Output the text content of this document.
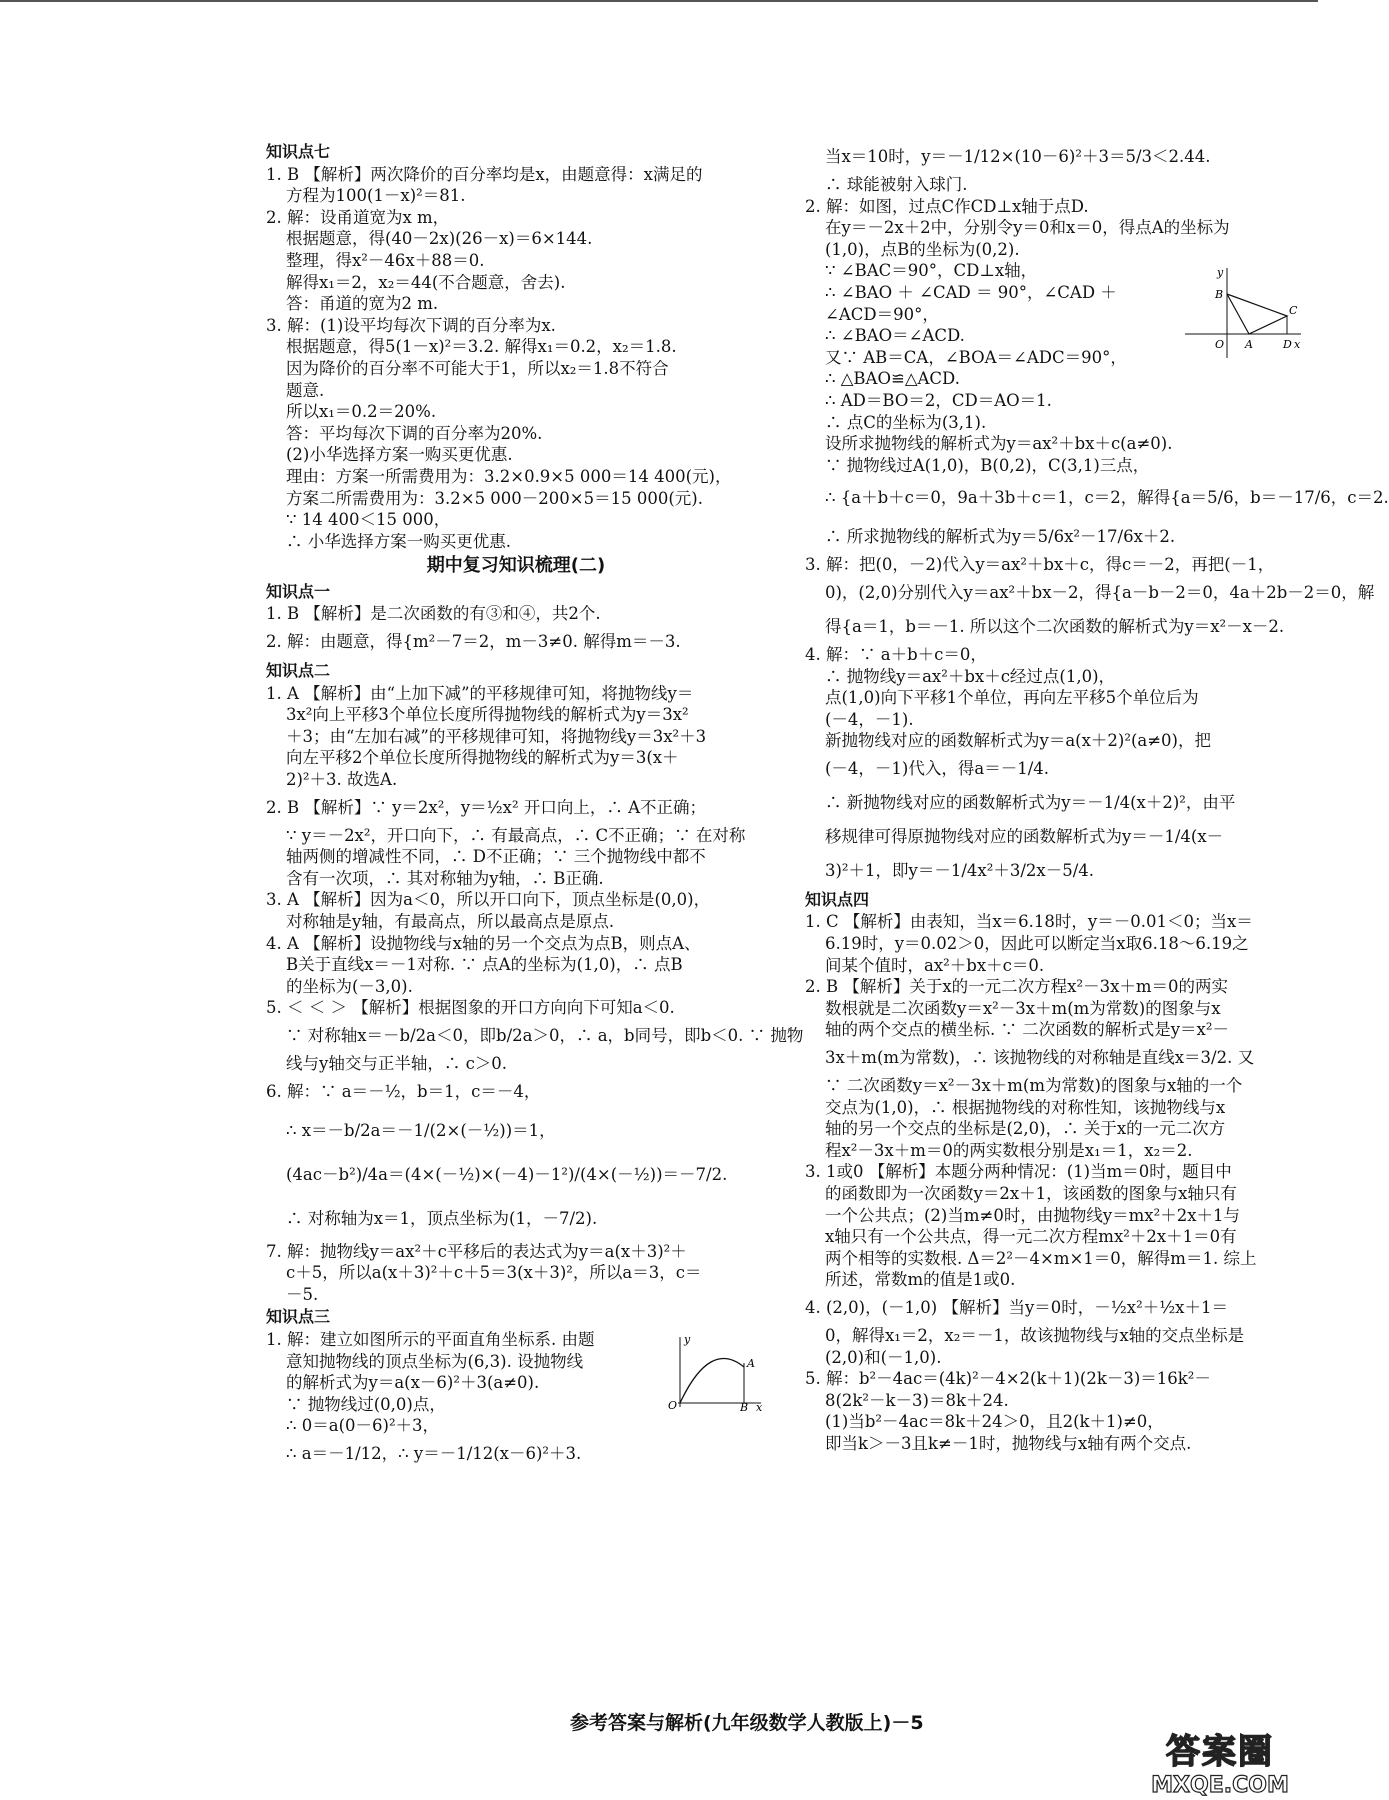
知识点七
1. B 【解析】两次降价的百分率均是x，由题意得：x满足的
方程为100(1－x)²＝81.
2. 解：设甬道宽为x m，
根据题意，得(40－2x)(26－x)＝6×144.
整理，得x²－46x＋88＝0.
解得x₁＝2，x₂＝44(不合题意，舍去).
答：甬道的宽为2 m.
3. 解：(1)设平均每次下调的百分率为x.
根据题意，得5(1－x)²＝3.2. 解得x₁＝0.2，x₂＝1.8.
因为降价的百分率不可能大于1，所以x₂＝1.8不符合
题意.
所以x₁＝0.2＝20%.
答：平均每次下调的百分率为20%.
(2)小华选择方案一购买更优惠.
理由：方案一所需费用为：3.2×0.9×5 000＝14 400(元)，
方案二所需费用为：3.2×5 000－200×5＝15 000(元).
∵ 14 400＜15 000，
∴ 小华选择方案一购买更优惠.
期中复习知识梳理(二)
知识点一
1. B 【解析】是二次函数的有③和④，共2个.
2. 解：由题意，得{m²－7＝2，m－3≠0. 解得m＝－3.
知识点二
1. A 【解析】由“上加下减”的平移规律可知，将抛物线y＝
3x²向上平移3个单位长度所得抛物线的解析式为y＝3x²
＋3；由“左加右减”的平移规律可知，将抛物线y＝3x²＋3
向左平移2个单位长度所得抛物线的解析式为y＝3(x＋
2)²＋3. 故选A.
2. B 【解析】∵ y＝2x²，y＝½x² 开口向上，∴ A不正确；
∵ y＝－2x²，开口向下，∴ 有最高点，∴ C不正确；∵ 在对称
轴两侧的增减性不同，∴ D不正确；∵ 三个抛物线中都不
含有一次项，∴ 其对称轴为y轴，∴ B正确.
3. A 【解析】因为a＜0，所以开口向下，顶点坐标是(0,0)，
对称轴是y轴，有最高点，所以最高点是原点.
4. A 【解析】设抛物线与x轴的另一个交点为点B，则点A、
B关于直线x＝－1对称. ∵ 点A的坐标为(1,0)，∴ 点B
的坐标为(－3,0).
5. ＜ ＜ ＞ 【解析】根据图象的开口方向向下可知a＜0.
∵ 对称轴x＝－b/2a＜0，即b/2a＞0，∴ a，b同号，即b＜0. ∵ 抛物
线与y轴交与正半轴，∴ c＞0.
6. 解：∵ a＝－½，b＝1，c＝－4，
∴ x＝－b/2a＝－1/(2×(－½))＝1，
(4ac－b²)/4a＝(4×(－½)×(－4)－1²)/(4×(－½))＝－7/2.
∴ 对称轴为x＝1，顶点坐标为(1，－7/2).
7. 解：抛物线y＝ax²＋c平移后的表达式为y＝a(x＋3)²＋
c＋5，所以a(x＋3)²＋c＋5＝3(x＋3)²，所以a＝3，c＝
－5.
知识点三
y
A
O	B x
1. 解：建立如图所示的平面直角坐标系. 由题
意知抛物线的顶点坐标为(6,3). 设抛物线
的解析式为y＝a(x－6)²＋3(a≠0).
∵ 抛物线过(0,0)点，
∴ 0＝a(0－6)²＋3，
∴ a＝－1/12，∴ y＝－1/12(x－6)²＋3.
当x＝10时，y＝－1/12×(10－6)²＋3＝5/3＜2.44.
∴ 球能被射入球门.
2. 解：如图，过点C作CD⊥x轴于点D.
在y＝－2x＋2中，分别令y＝0和x＝0，得点A的坐标为
(1,0)，点B的坐标为(0,2).
y
B
C
O A	D x
∵ ∠BAC＝90°，CD⊥x轴，
∴ ∠BAO ＋ ∠CAD ＝ 90°，∠CAD ＋
∠ACD＝90°，
∴ ∠BAO＝∠ACD.
又∵ AB＝CA，∠BOA＝∠ADC＝90°，
∴ △BAO≌△ACD.
∴ AD＝BO＝2，CD＝AO＝1.
∴ 点C的坐标为(3,1).
设所求抛物线的解析式为y＝ax²＋bx＋c(a≠0).
∵ 抛物线过A(1,0)，B(0,2)，C(3,1)三点，
∴ {a＋b＋c＝0，9a＋3b＋c＝1，c＝2，解得{a＝5/6，b＝－17/6，c＝2.
∴ 所求抛物线的解析式为y＝5/6x²－17/6x＋2.
3. 解：把(0，－2)代入y＝ax²＋bx＋c，得c＝－2，再把(－1，
0)，(2,0)分别代入y＝ax²＋bx－2，得{a－b－2＝0，4a＋2b－2＝0，解
得{a＝1，b＝－1. 所以这个二次函数的解析式为y＝x²－x－2.
4. 解：∵ a＋b＋c＝0，
∴ 抛物线y＝ax²＋bx＋c经过点(1,0)，
点(1,0)向下平移1个单位，再向左平移5个单位后为
(－4，－1).
新抛物线对应的函数解析式为y＝a(x＋2)²(a≠0)，把
(－4，－1)代入，得a＝－1/4.
∴ 新抛物线对应的函数解析式为y＝－1/4(x＋2)²，由平
移规律可得原抛物线对应的函数解析式为y＝－1/4(x－
3)²＋1，即y＝－1/4x²＋3/2x－5/4.
知识点四
1. C 【解析】由表知，当x＝6.18时，y＝－0.01＜0；当x＝
6.19时，y＝0.02＞0，因此可以断定当x取6.18～6.19之
间某个值时，ax²＋bx＋c＝0.
2. B 【解析】关于x的一元二次方程x²－3x＋m＝0的两实
数根就是二次函数y＝x²－3x＋m(m为常数)的图象与x
轴的两个交点的横坐标. ∵ 二次函数的解析式是y＝x²－
3x＋m(m为常数)，∴ 该抛物线的对称轴是直线x＝3/2. 又
∵ 二次函数y＝x²－3x＋m(m为常数)的图象与x轴的一个
交点为(1,0)，∴ 根据抛物线的对称性知，该抛物线与x
轴的另一个交点的坐标是(2,0)，∴ 关于x的一元二次方
程x²－3x＋m＝0的两实数根分别是x₁＝1，x₂＝2.
3. 1或0 【解析】本题分两种情况：(1)当m＝0时，题目中
的函数即为一次函数y＝2x＋1，该函数的图象与x轴只有
一个公共点；(2)当m≠0时，由抛物线y＝mx²＋2x＋1与
x轴只有一个公共点，得一元二次方程mx²＋2x＋1＝0有
两个相等的实数根. Δ＝2²－4×m×1＝0，解得m＝1. 综上
所述，常数m的值是1或0.
4. (2,0)，(－1,0) 【解析】当y＝0时，－½x²＋½x＋1＝
0，解得x₁＝2，x₂＝－1，故该抛物线与x轴的交点坐标是
(2,0)和(－1,0).
5. 解：b²－4ac＝(4k)²－4×2(k＋1)(2k－3)＝16k²－
8(2k²－k－3)＝8k＋24.
(1)当b²－4ac＝8k＋24＞0，且2(k＋1)≠0，
即当k＞－3且k≠－1时，抛物线与x轴有两个交点.
参考答案与解析(九年级数学人教版上)－5
答案圈
MXQE.COM
